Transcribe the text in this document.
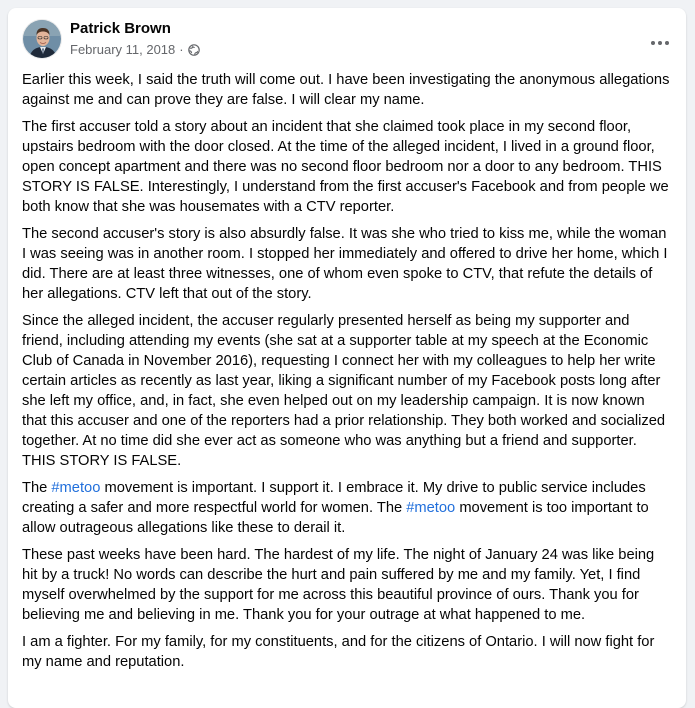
Patrick Brown
February 11, 2018 ·

Earlier this week, I said the truth will come out. I have been investigating the anonymous allegations against me and can prove they are false. I will clear my name.

The first accuser told a story about an incident that she claimed took place in my second floor, upstairs bedroom with the door closed. At the time of the alleged incident, I lived in a ground floor, open concept apartment and there was no second floor bedroom nor a door to any bedroom. THIS STORY IS FALSE. Interestingly, I understand from the first accuser's Facebook and from people we both know that she was housemates with a CTV reporter.

The second accuser's story is also absurdly false. It was she who tried to kiss me, while the woman I was seeing was in another room. I stopped her immediately and offered to drive her home, which I did. There are at least three witnesses, one of whom even spoke to CTV, that refute the details of her allegations. CTV left that out of the story.

Since the alleged incident, the accuser regularly presented herself as being my supporter and friend, including attending my events (she sat at a supporter table at my speech at the Economic Club of Canada in November 2016), requesting I connect her with my colleagues to help her write certain articles as recently as last year, liking a significant number of my Facebook posts long after she left my office, and, in fact, she even helped out on my leadership campaign. It is now known that this accuser and one of the reporters had a prior relationship. They both worked and socialized together. At no time did she ever act as someone who was anything but a friend and supporter. THIS STORY IS FALSE.

The #metoo movement is important. I support it. I embrace it. My drive to public service includes creating a safer and more respectful world for women. The #metoo movement is too important to allow outrageous allegations like these to derail it.

These past weeks have been hard. The hardest of my life. The night of January 24 was like being hit by a truck! No words can describe the hurt and pain suffered by me and my family. Yet, I find myself overwhelmed by the support for me across this beautiful province of ours. Thank you for believing me and believing in me. Thank you for your outrage at what happened to me.

I am a fighter. For my family, for my constituents, and for the citizens of Ontario. I will now fight for my name and reputation.
